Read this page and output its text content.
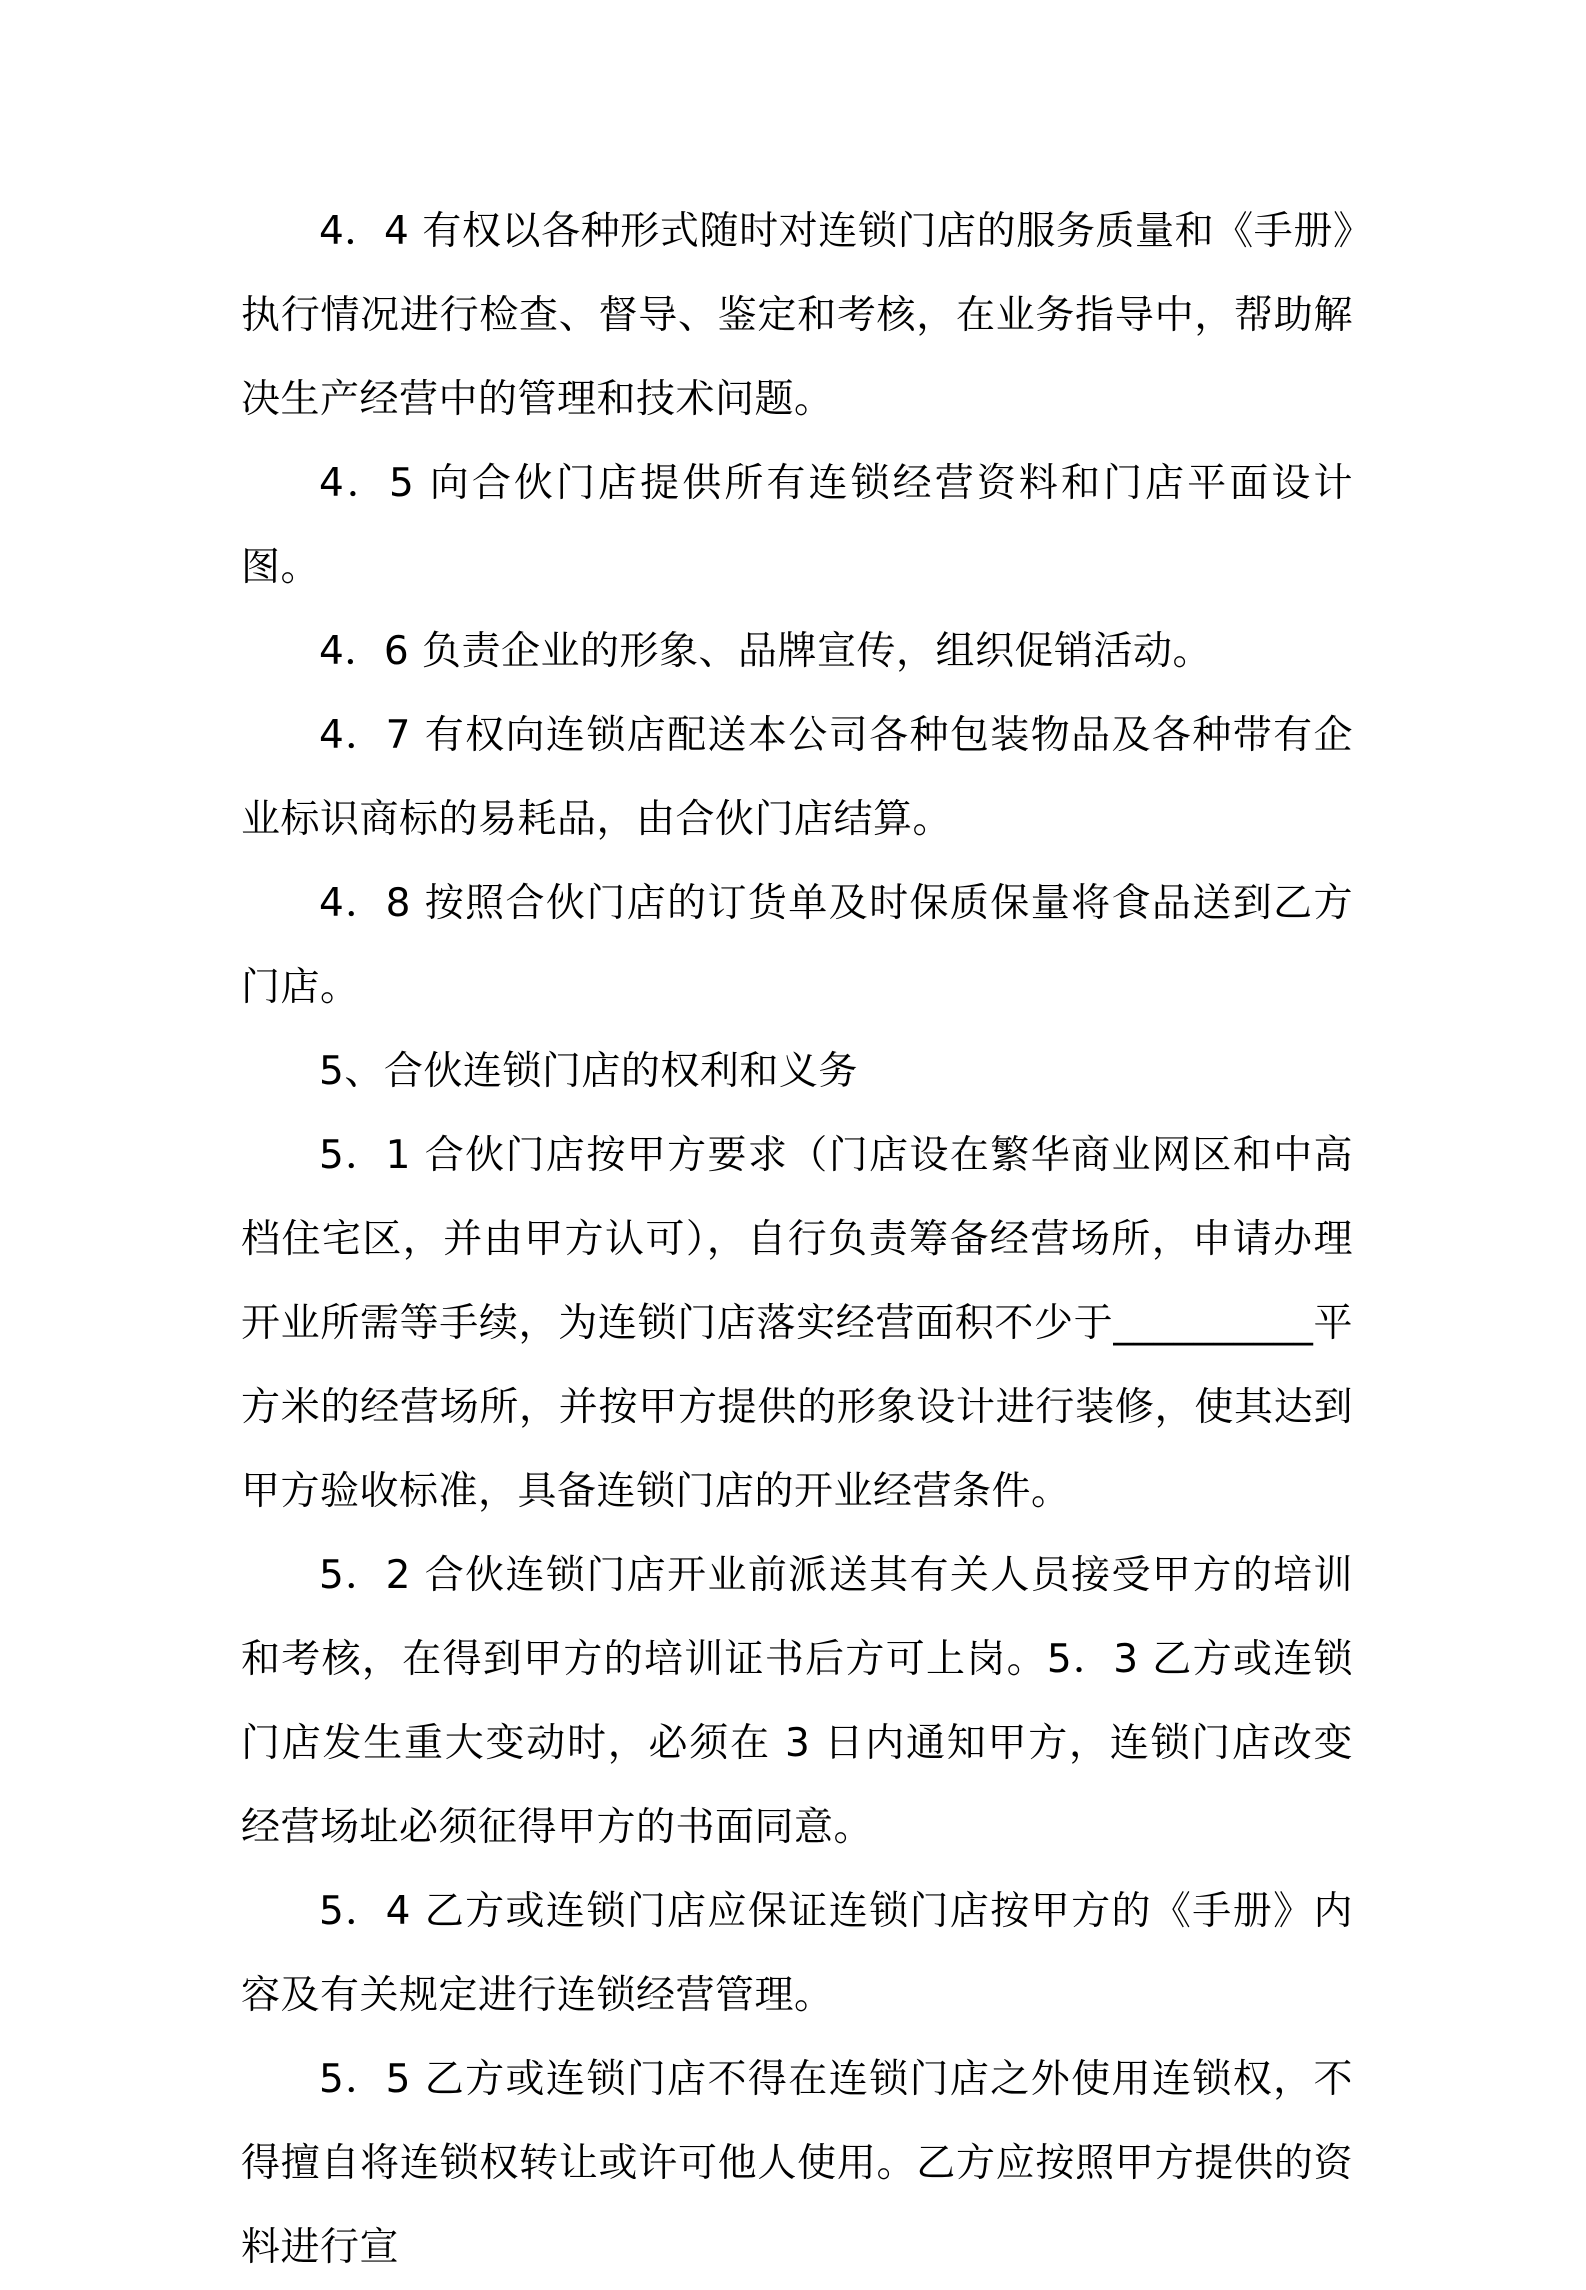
4．4 有权以各种形式随时对连锁门店的服务质量和《手册》执行情况进行检查、督导、鉴定和考核，在业务指导中，帮助解决生产经营中的管理和技术问题。

4．5 向合伙门店提供所有连锁经营资料和门店平面设计图。

4．6 负责企业的形象、品牌宣传，组织促销活动。

4．7 有权向连锁店配送本公司各种包装物品及各种带有企业标识商标的易耗品，由合伙门店结算。

4．8 按照合伙门店的订货单及时保质保量将食品送到乙方门店。

5、合伙连锁门店的权利和义务

5．1 合伙门店按甲方要求（门店设在繁华商业网区和中高档住宅区，并由甲方认可），自行负责筹备经营场所，申请办理开业所需等手续，为连锁门店落实经营面积不少于__________平方米的经营场所，并按甲方提供的形象设计进行装修，使其达到甲方验收标准，具备连锁门店的开业经营条件。

5．2 合伙连锁门店开业前派送其有关人员接受甲方的培训和考核，在得到甲方的培训证书后方可上岗。5．3 乙方或连锁门店发生重大变动时，必须在 3 日内通知甲方，连锁门店改变经营场址必须征得甲方的书面同意。

5．4 乙方或连锁门店应保证连锁门店按甲方的《手册》内容及有关规定进行连锁经营管理。

5．5 乙方或连锁门店不得在连锁门店之外使用连锁权，不得擅自将连锁权转让或许可他人使用。乙方应按照甲方提供的资料进行宣
